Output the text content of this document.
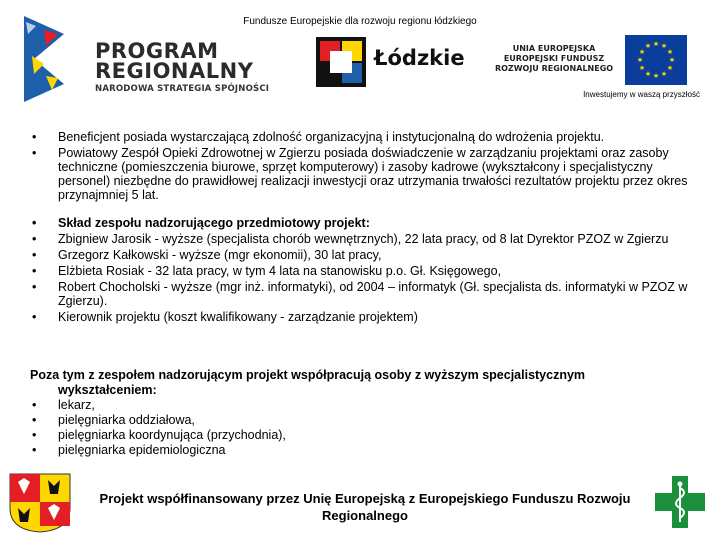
Fundusze Europejskie dla rozwoju regionu łódzkiego
PROGRAM
REGIONALNY
NARODOWA STRATEGIA SPÓJNOŚCI
Łódzkie	UNIA EUROPEJSKA
EUROPEJSKI FUNDUSZ
ROZWOJU REGIONALNEGO
★ ★
★
★
★
★
★
★
★
★
★
★
Inwestujemy w waszą przyszłość
• Beneficjent posiada wystarczającą zdolność organizacyjną i instytucjonalną do wdrożenia projektu.
• Powiatowy Zespół Opieki Zdrowotnej w Zgierzu posiada doświadczenie w zarządzaniu projektami oraz zasoby techniczne (pomieszczenia biurowe, sprzęt komputerowy) i zasoby kadrowe (wykształcony i specjalistyczny personel) niezbędne do prawidłowej realizacji inwestycji oraz utrzymania trwałości rezultatów projektu przez okres przynajmniej 5 lat.
• Skład zespołu nadzorującego przedmiotowy projekt:
• Zbigniew Jarosik - wyższe (specjalista chorób wewnętrznych), 22 lata pracy, od 8 lat Dyrektor PZOZ w Zgierzu
• Grzegorz Kałkowski - wyższe (mgr ekonomii), 30 lat pracy,
• Elżbieta Rosiak - 32 lata pracy, w tym 4 lata na stanowisku p.o. Gł. Księgowego,
• Robert Chocholski - wyższe (mgr inż. informatyki), od 2004 – informatyk (Gł. specjalista ds. informatyki w PZOZ w Zgierzu).
• Kierownik projektu (koszt kwalifikowany - zarządzanie projektem)
Poza tym z zespołem nadzorującym projekt współpracują osoby z wyższym specjalistycznym
wykształceniem:
• lekarz,
• pielęgniarka oddziałowa,
• pielęgniarka koordynująca (przychodnia),
• pielęgniarka epidemiologiczna
Projekt współfinansowany przez Unię Europejską z Europejskiego Funduszu Rozwoju Regionalnego
